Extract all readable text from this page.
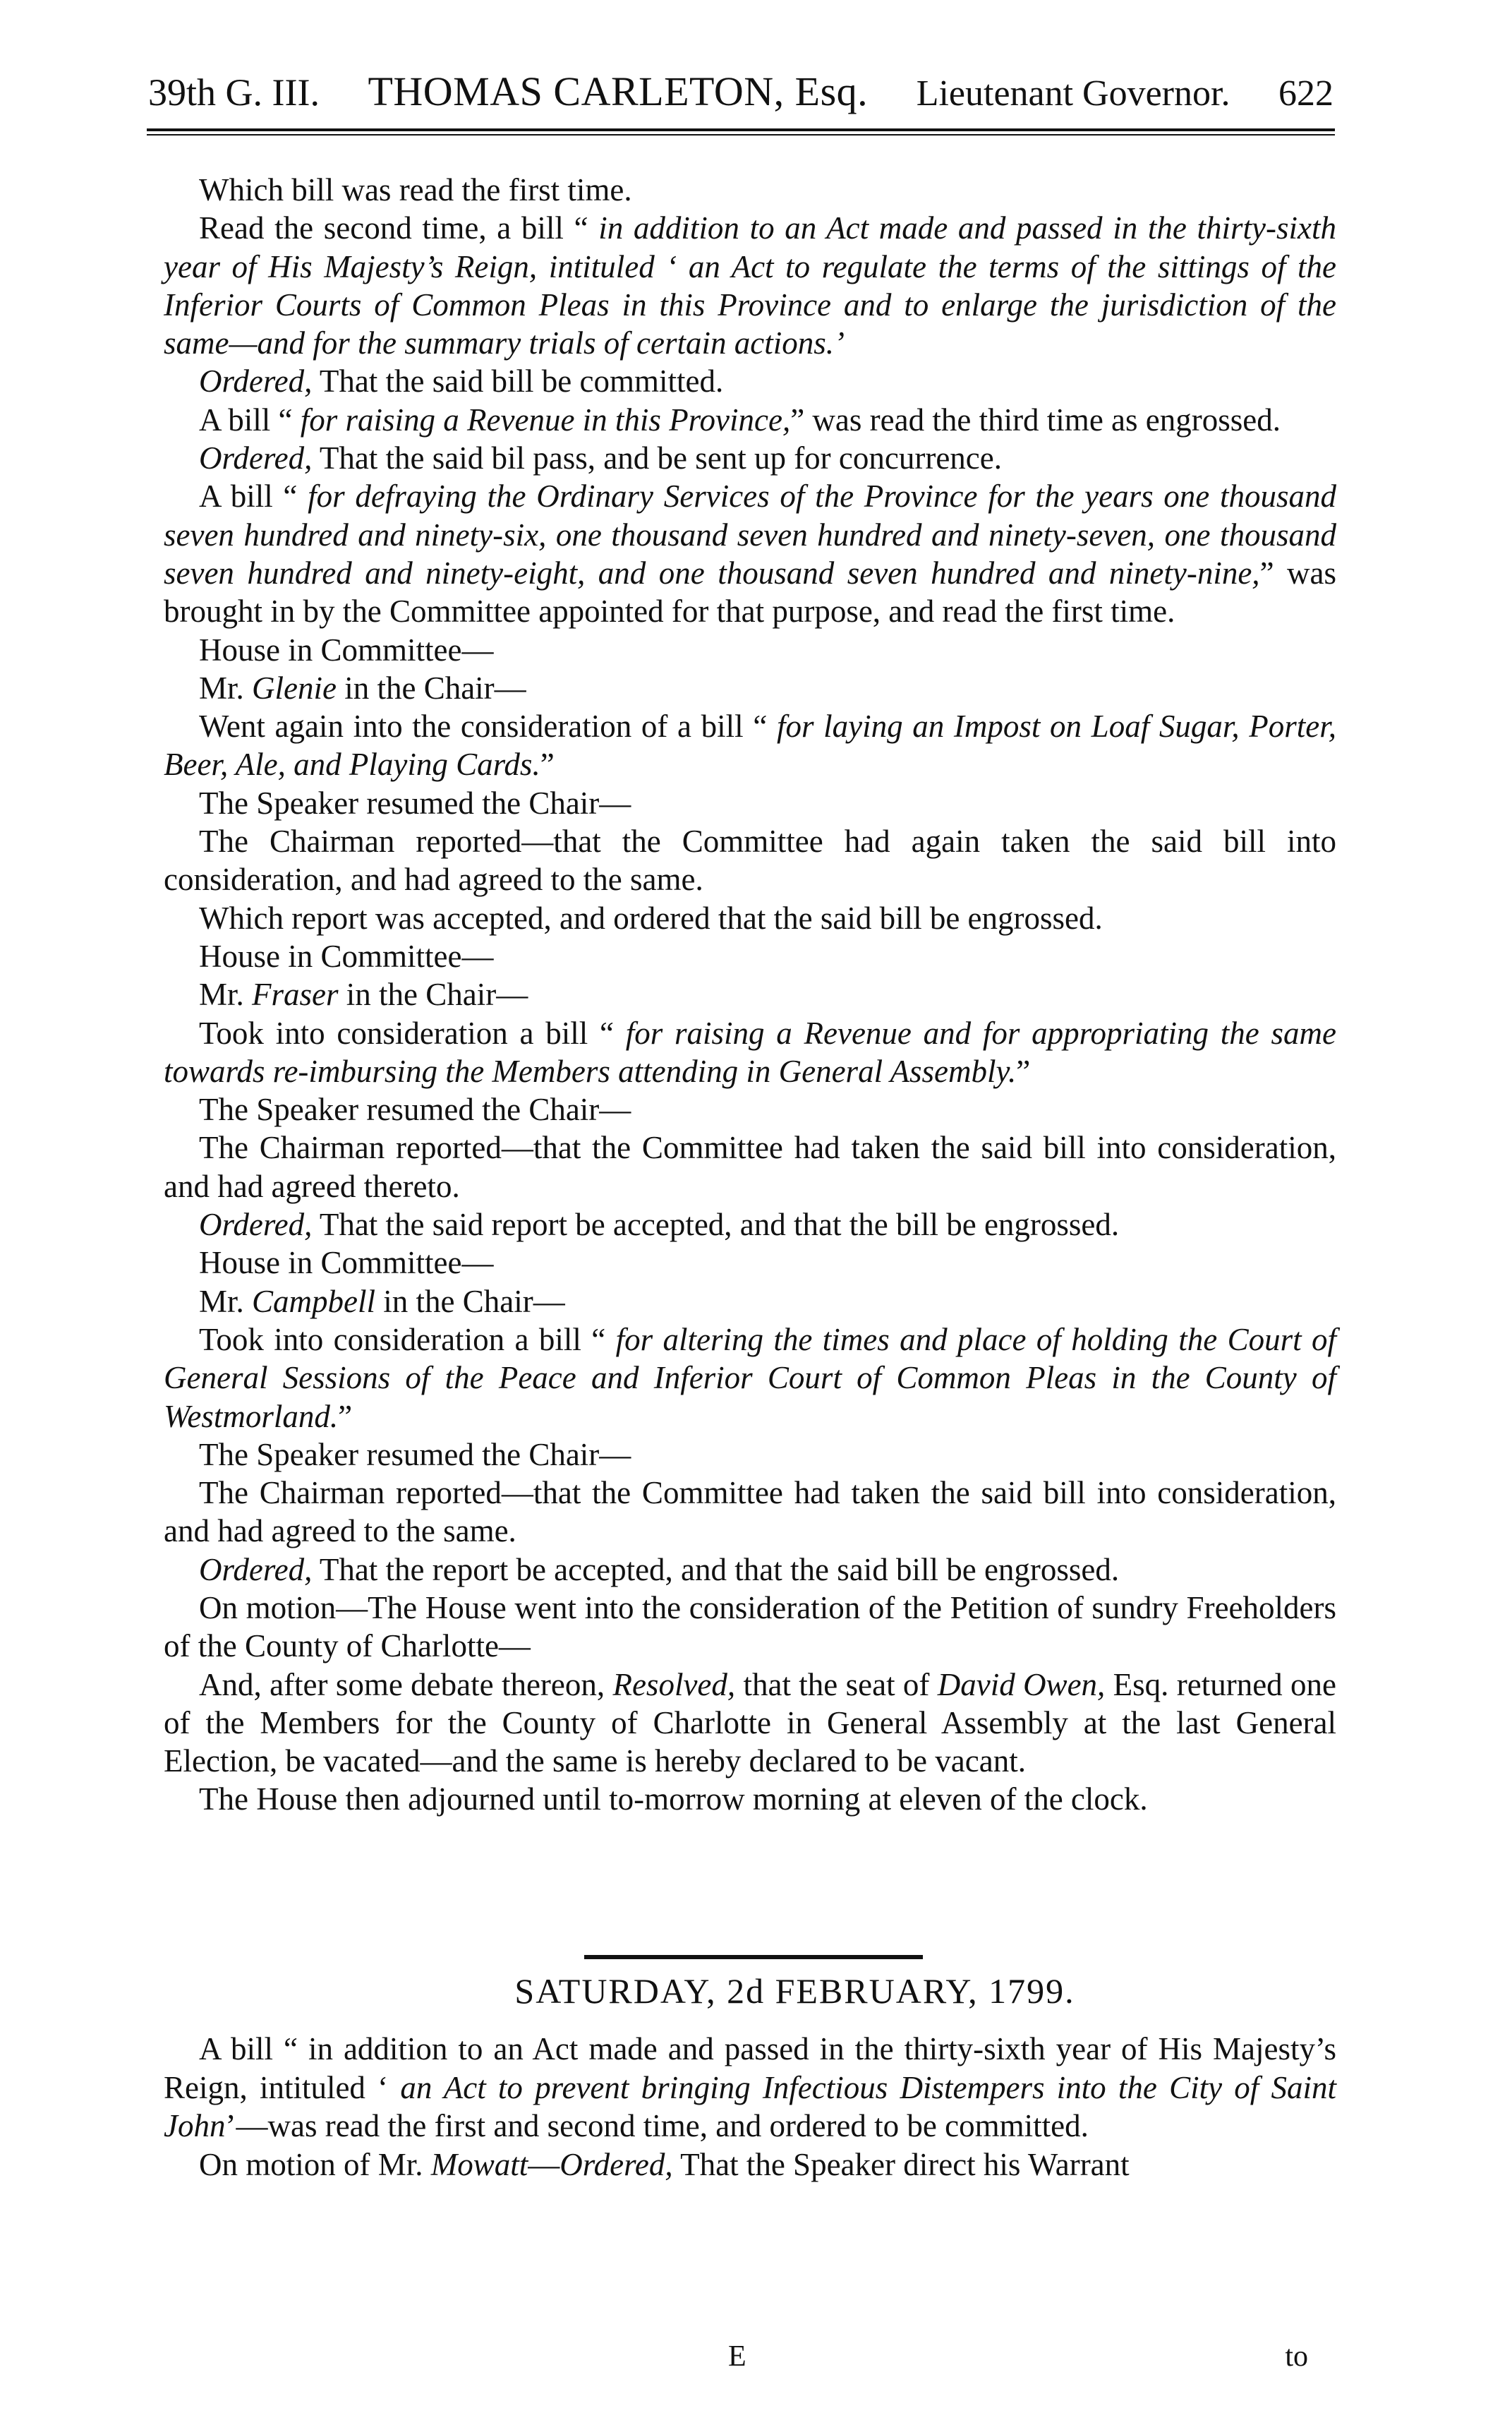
39th G. III. THOMAS CARLETON, Esq. Lieutenant Governor. 622

Which bill was read the first time.

Read the second time, a bill “ in addition to an Act made and passed in the thirty-sixth year of His Majesty’s Reign, intituled ‘ an Act to regulate the terms of the sittings of the Inferior Courts of Common Pleas in this Province and to enlarge the jurisdiction of the same—and for the summary trials of certain actions.’

Ordered, That the said bill be committed.

A bill “ for raising a Revenue in this Province,” was read the third time as engrossed.

Ordered, That the said bil pass, and be sent up for concurrence.

A bill “ for defraying the Ordinary Services of the Province for the years one thousand seven hundred and ninety-six, one thousand seven hundred and ninety-seven, one thousand seven hundred and ninety-eight, and one thousand seven hundred and ninety-nine,” was brought in by the Committee appointed for that purpose, and read the first time.

House in Committee—

Mr. Glenie in the Chair—

Went again into the consideration of a bill “ for laying an Impost on Loaf Sugar, Porter, Beer, Ale, and Playing Cards.”

The Speaker resumed the Chair—

The Chairman reported—that the Committee had again taken the said bill into consideration, and had agreed to the same.

Which report was accepted, and ordered that the said bill be engrossed.

House in Committee—

Mr. Fraser in the Chair—

Took into consideration a bill “ for raising a Revenue and for appropriating the same towards re-imbursing the Members attending in General Assembly.”

The Speaker resumed the Chair—

The Chairman reported—that the Committee had taken the said bill into consideration, and had agreed thereto.

Ordered, That the said report be accepted, and that the bill be engrossed.

House in Committee—

Mr. Campbell in the Chair—

Took into consideration a bill “ for altering the times and place of holding the Court of General Sessions of the Peace and Inferior Court of Common Pleas in the County of Westmorland.”

The Speaker resumed the Chair—

The Chairman reported—that the Committee had taken the said bill into consideration, and had agreed to the same.

Ordered, That the report be accepted, and that the said bill be engrossed.

On motion—The House went into the consideration of the Petition of sundry Freeholders of the County of Charlotte—

And, after some debate thereon, Resolved, that the seat of David Owen, Esq. returned one of the Members for the County of Charlotte in General Assembly at the last General Election, be vacated—and the same is hereby declared to be vacant.

The House then adjourned until to-morrow morning at eleven of the clock.

SATURDAY, 2d FEBRUARY, 1799.

A bill “ in addition to an Act made and passed in the thirty-sixth year of His Majesty’s Reign, intituled ‘ an Act to prevent bringing Infectious Distempers into the City of Saint John’—was read the first and second time, and ordered to be committed.

On motion of Mr. Mowatt—Ordered, That the Speaker direct his Warrant

E	to
